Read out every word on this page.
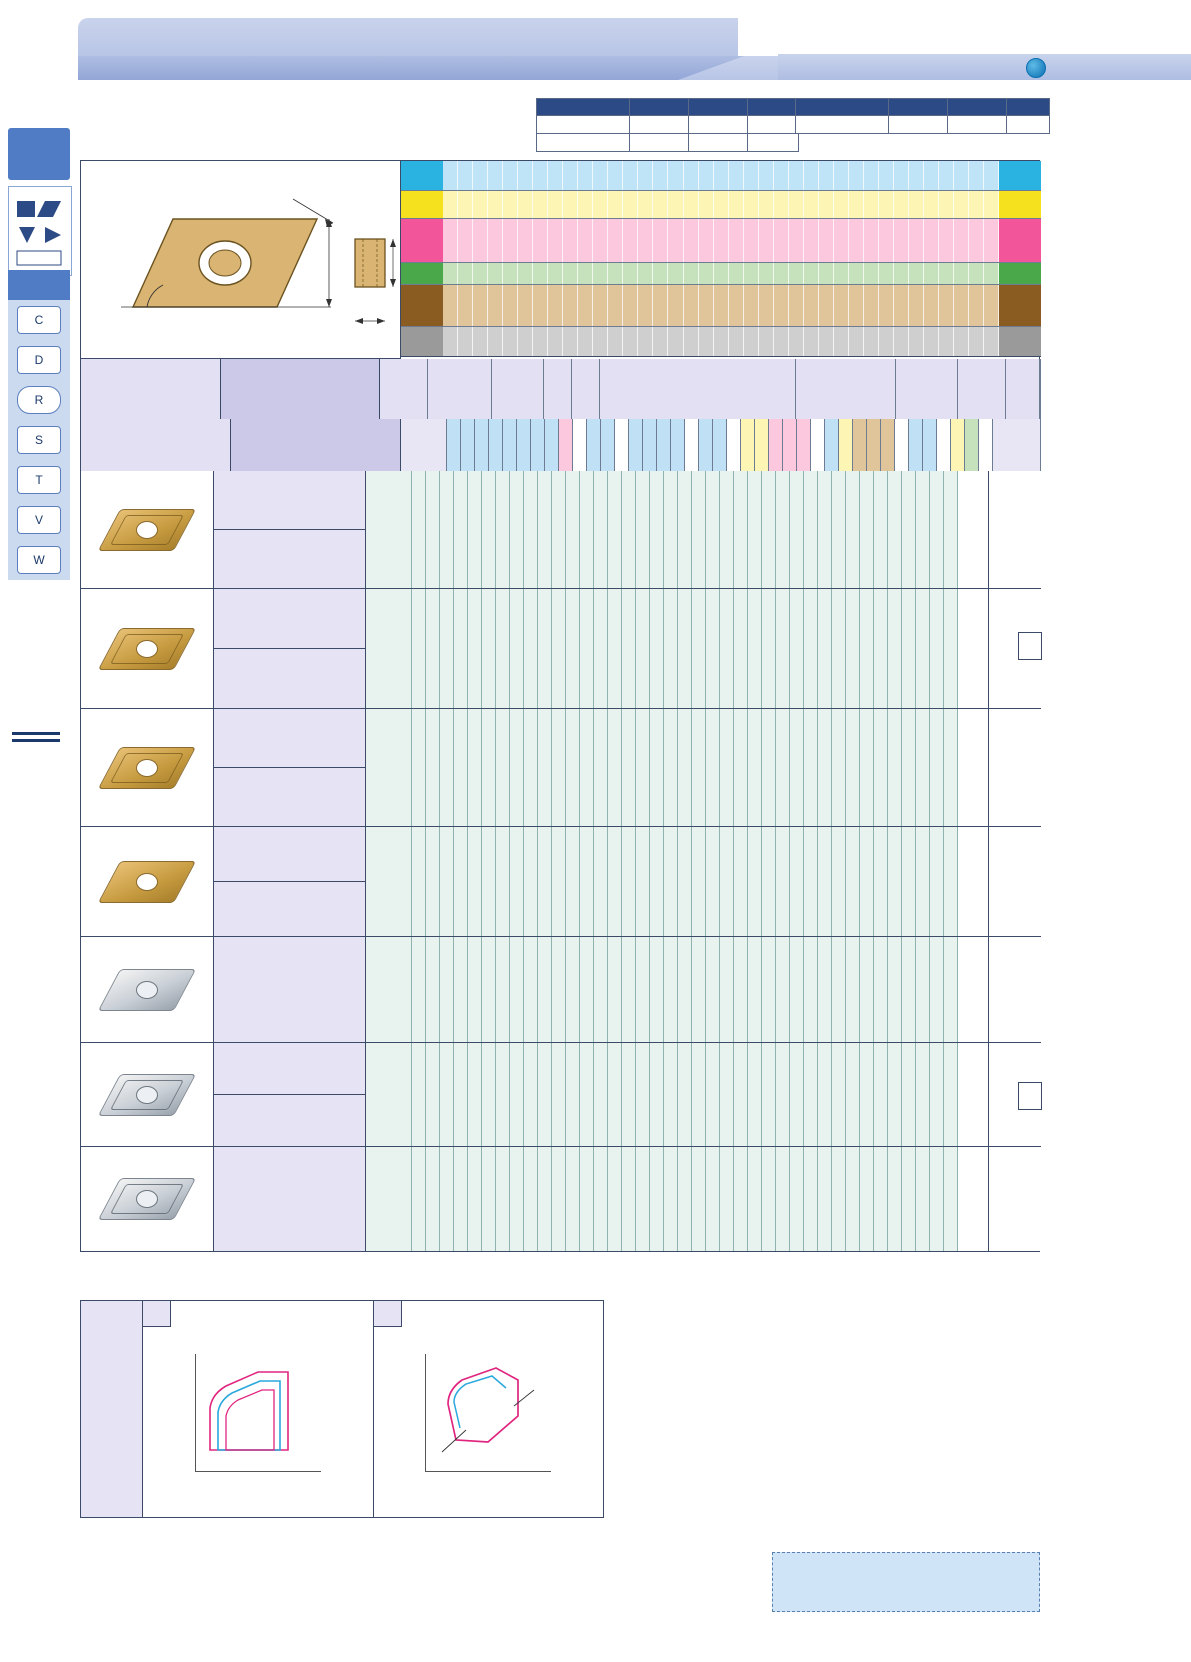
C
D
R
S
T
V
W
